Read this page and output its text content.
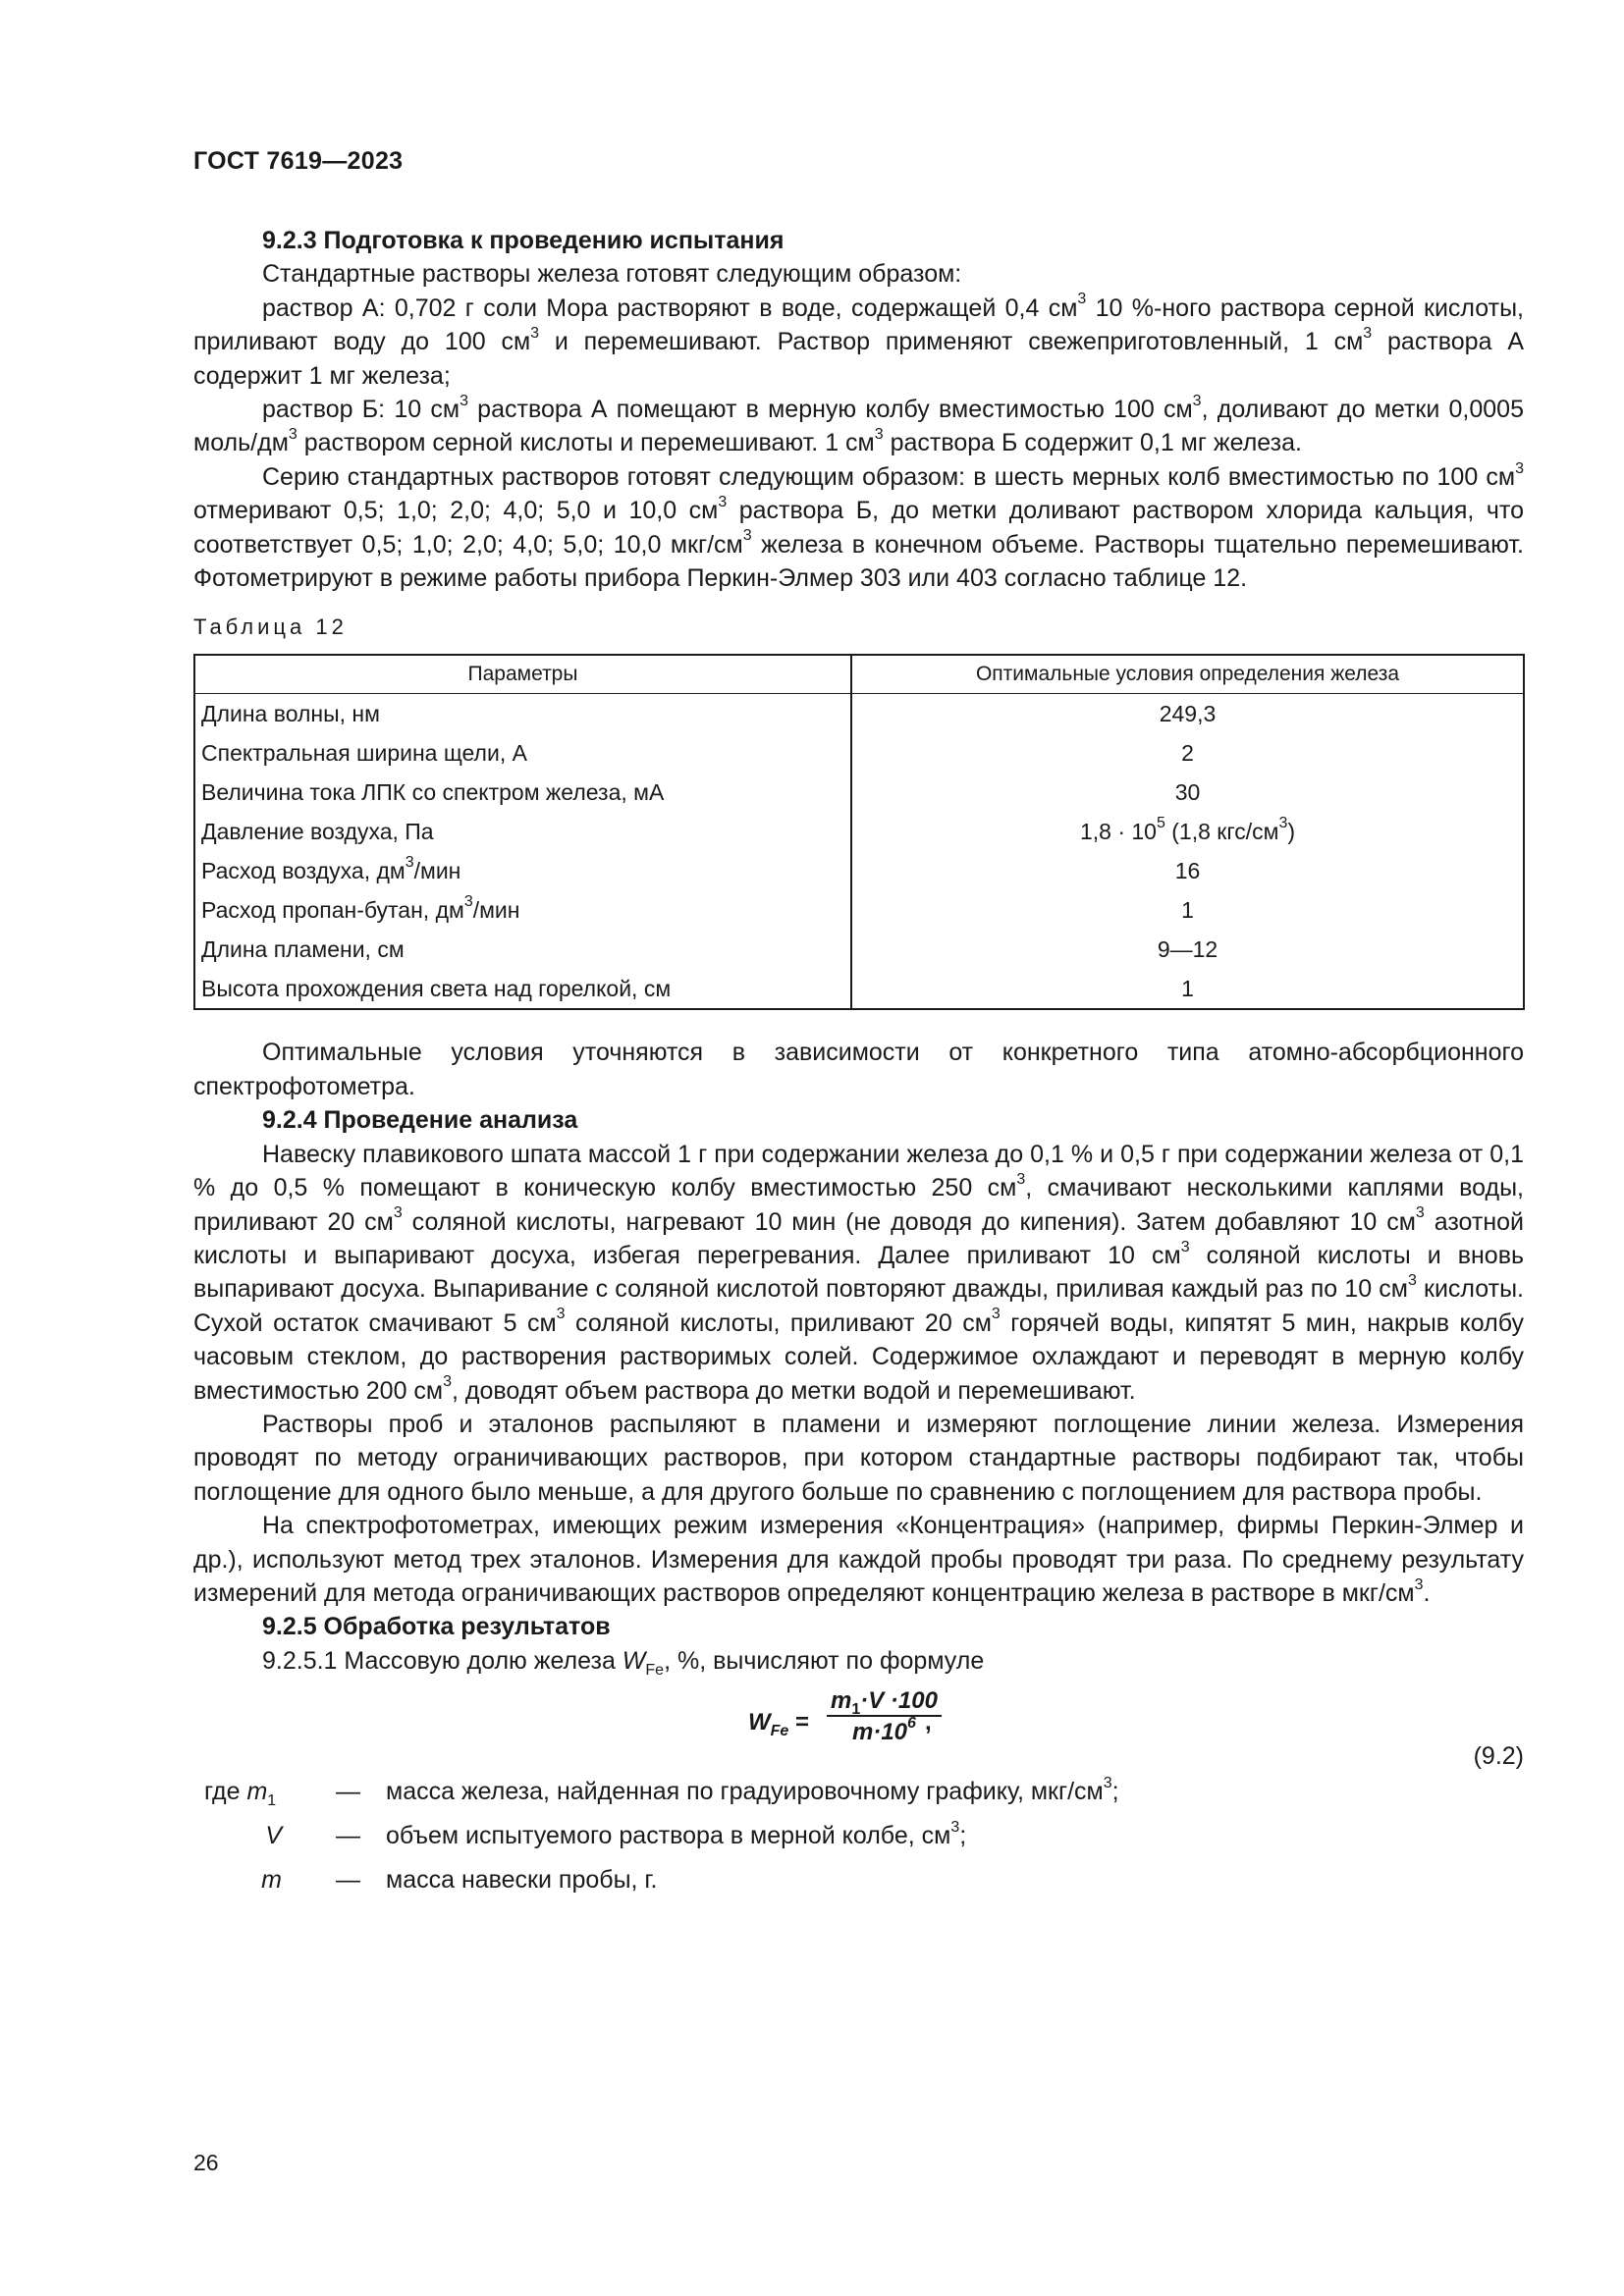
ГОСТ 7619—2023

9.2.3 Подготовка к проведению испытания

Стандартные растворы железа готовят следующим образом:

раствор А: 0,702 г соли Мора растворяют в воде, содержащей 0,4 $см^3$ 10 %-ного раствора серной кислоты, приливают воду до 100 $см^3$ и перемешивают. Раствор применяют свежеприготовленный, 1 $см^3$ раствора А содержит 1 мг железа;

раствор Б: 10 $см^3$ раствора А помещают в мерную колбу вместимостью 100 $см^3$, доливают до метки 0,0005 моль/$дм^3$ раствором серной кислоты и перемешивают. 1 $см^3$ раствора Б содержит 0,1 мг железа.

Серию стандартных растворов готовят следующим образом: в шесть мерных колб вместимостью по 100 $см^3$ отмеривают 0,5; 1,0; 2,0; 4,0; 5,0 и 10,0 $см^3$ раствора Б, до метки доливают раствором хлорида кальция, что соответствует 0,5; 1,0; 2,0; 4,0; 5,0; 10,0 мкг/$см^3$ железа в конечном объеме. Растворы тщательно перемешивают. Фотометрируют в режиме работы прибора Перкин-Элмер 303 или 403 согласно таблице 12.

Таблица 12
Параметры	Оптимальные условия определения железа
Длина волны, нм	249,3
Спектральная ширина щели, А	2
Величина тока ЛПК со спектром железа, мА	30
Давление воздуха, Па	$1,8 \cdot 10^5$ (1,8 кгс/$см^3$)
Расход воздуха, $дм^3$/мин	16
Расход пропан-бутан, $дм^3$/мин	1
Длина пламени, см	9—12
Высота прохождения света над горелкой, см	1

Оптимальные условия уточняются в зависимости от конкретного типа атомно-абсорбционного спектрофотометра.

9.2.4 Проведение анализа

Навеску плавикового шпата массой 1 г при содержании железа до 0,1 % и 0,5 г при содержании железа от 0,1 % до 0,5 % помещают в коническую колбу вместимостью 250 $см^3$, смачивают несколькими каплями воды, приливают 20 $см^3$ соляной кислоты, нагревают 10 мин (не доводя до кипения). Затем добавляют 10 $см^3$ азотной кислоты и выпаривают досуха, избегая перегревания. Далее приливают 10 $см^3$ соляной кислоты и вновь выпаривают досуха. Выпаривание с соляной кислотой повторяют дважды, приливая каждый раз по 10 $см^3$ кислоты. Сухой остаток смачивают 5 $см^3$ соляной кислоты, приливают 20 $см^3$ горячей воды, кипятят 5 мин, накрыв колбу часовым стеклом, до растворения растворимых солей. Содержимое охлаждают и переводят в мерную колбу вместимостью 200 $см^3$, доводят объем раствора до метки водой и перемешивают.

Растворы проб и эталонов распыляют в пламени и измеряют поглощение линии железа. Измерения проводят по методу ограничивающих растворов, при котором стандартные растворы подбирают так, чтобы поглощение для одного было меньше, а для другого больше по сравнению с поглощением для раствора пробы.

На спектрофотометрах, имеющих режим измерения «Концентрация» (например, фирмы Перкин-Элмер и др.), используют метод трех эталонов. Измерения для каждой пробы проводят три раза. По среднему результату измерений для метода ограничивающих растворов определяют концентрацию железа в растворе в мкг/$см^3$.

9.2.5 Обработка результатов

9.2.5.1 Массовую долю железа $W_{Fe}$, %, вычисляют по формуле

$W_{Fe} = \frac{m_1\cdot V \cdot 100}{m\cdot 10^6}$
,
(9.2)
где $m_1$ — масса железа, найденная по градуировочному графику, мкг/$см^3$;
V — объем испытуемого раствора в мерной колбе, $см^3$;
m — масса навески пробы, г.
26
